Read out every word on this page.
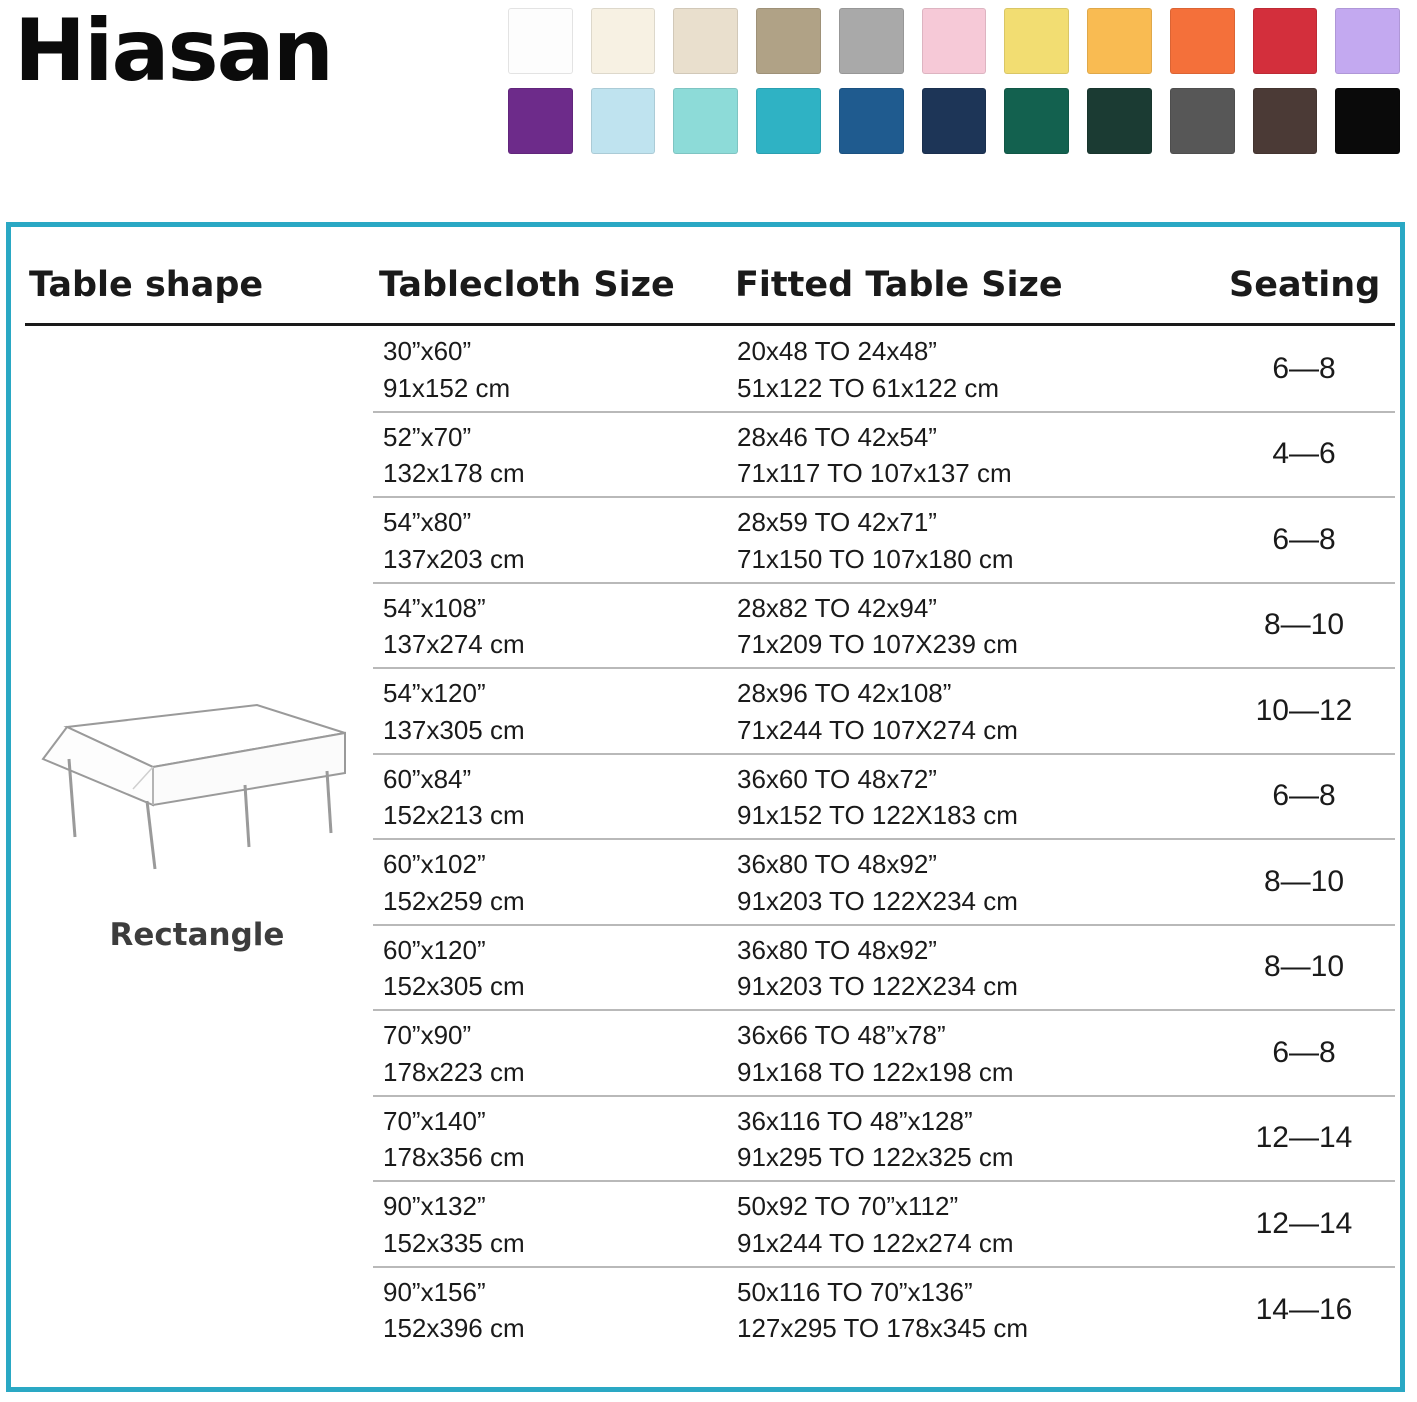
Hiasan
Table shape	Tablecloth Size Fitted Table Size	Seating
Rectangle
30”x60”
91x152 cm
20x48 TO 24x48”
51x122 TO 61x122 cm
6—8
52”x70”
132x178 cm
28x46 TO 42x54”
71x117 TO 107x137 cm
4—6
54”x80”
137x203 cm
28x59 TO 42x71”
71x150 TO 107x180 cm
6—8
54”x108”
137x274 cm
28x82 TO 42x94”
71x209 TO 107X239 cm
8—10
54”x120”
137x305 cm
28x96 TO 42x108”
71x244 TO 107X274 cm
10—12
60”x84”
152x213 cm
36x60 TO 48x72”
91x152 TO 122X183 cm
6—8
60”x102”
152x259 cm
36x80 TO 48x92”
91x203 TO 122X234 cm
8—10
60”x120”
152x305 cm
36x80 TO 48x92”
91x203 TO 122X234 cm
8—10
70”x90”
178x223 cm
36x66 TO 48”x78”
91x168 TO 122x198 cm
6—8
70”x140”
178x356 cm
36x116 TO 48”x128”
91x295 TO 122x325 cm
12—14
90”x132”
152x335 cm
50x92 TO 70”x112”
91x244 TO 122x274 cm
12—14
90”x156”
152x396 cm
50x116 TO 70”x136”
127x295 TO 178x345 cm
14—16
